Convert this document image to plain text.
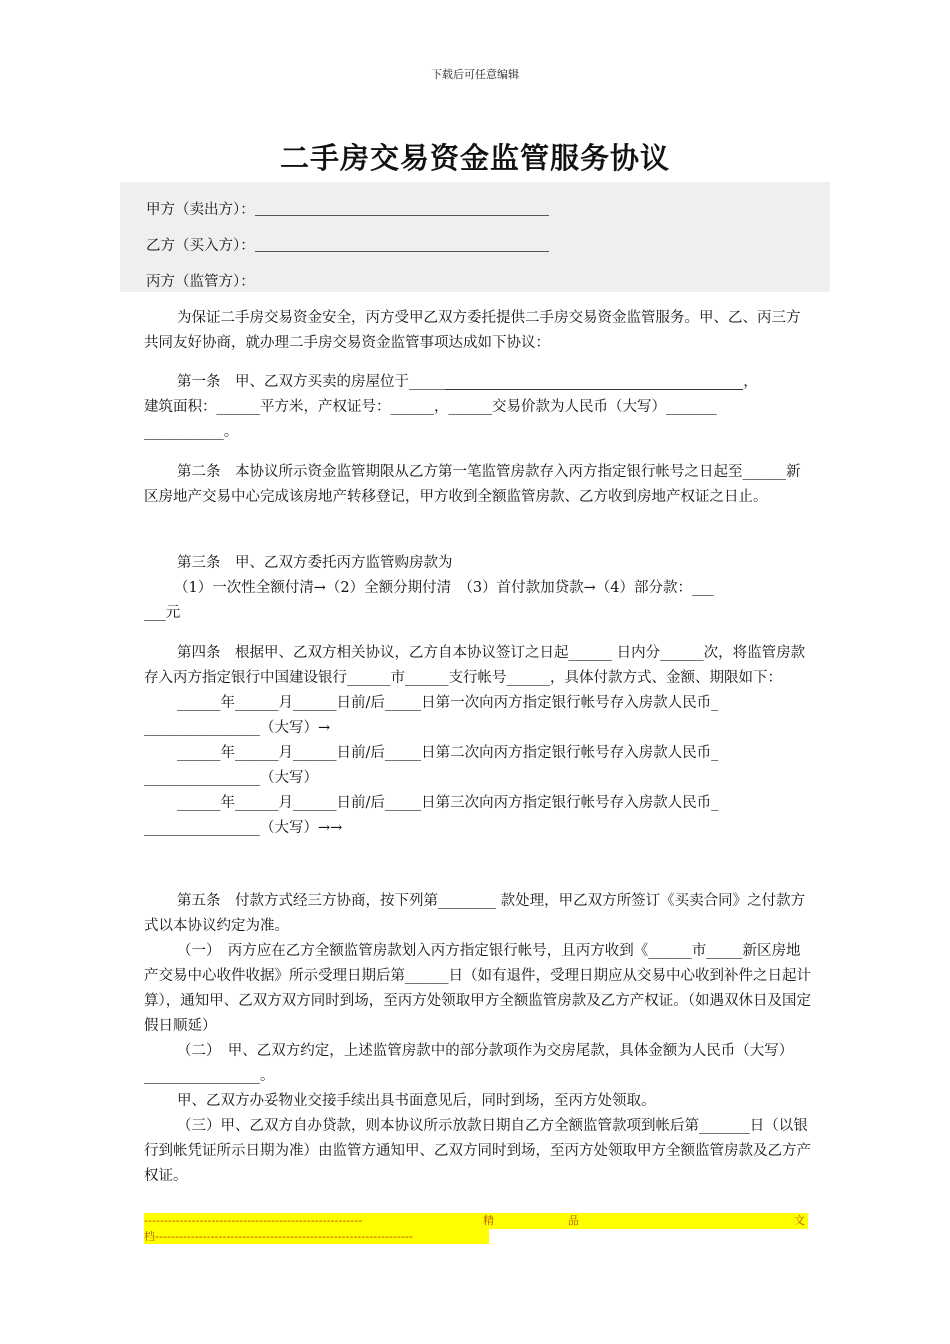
下载后可任意编辑
二手房交易资金监管服务协议
甲方（卖出方）：
乙方（买入方）：
丙方（监管方）：

为保证二手房交易资金安全，丙方受甲乙双方委托提供二手房交易资金监管服务。甲、乙、丙三方共同友好协商，就办理二手房交易资金监管事项达成如下协议：

第一条　甲、乙双方买卖的房屋位于_____	，

建筑面积：______平方米，产权证号：______，______交易价款为人民币（大写）_______

___________。

第二条　本协议所示资金监管期限从乙方第一笔监管房款存入丙方指定银行帐号之日起至______新区房地产交易中心完成该房地产转移登记，甲方收到全额监管房款、乙方收到房地产权证之日止。

第三条　甲、乙双方委托丙方监管购房款为

（1）一次性全额付清→（2）全额分期付清　（3）首付款加贷款→（4）部分款：___

___元

第四条　根据甲、乙双方相关协议，乙方自本协议签订之日起______ 日内分______次，将监管房款存入丙方指定银行中国建设银行______市______支行帐号______，具体付款方式、金额、期限如下：

______年______月______日前/后_____日第一次向丙方指定银行帐号存入房款人民币_

________________（大写）→

______年______月______日前/后_____日第二次向丙方指定银行帐号存入房款人民币_

________________（大写）

______年______月______日前/后_____日第三次向丙方指定银行帐号存入房款人民币_

________________（大写）→→

第五条　付款方式经三方协商，按下列第________ 款处理，甲乙双方所签订《买卖合同》之付款方式以本协议约定为准。

（一）　丙方应在乙方全额监管房款划入丙方指定银行帐号，且丙方收到《______市_____新区房地产交易中心收件收据》所示受理日期后第______日（如有退件，受理日期应从交易中心收到补件之日起计算），通知甲、乙双方双方同时到场，至丙方处领取甲方全额监管房款及乙方产权证。（如遇双休日及国定假日顺延）

（二）　甲、乙双方约定，上述监管房款中的部分款项作为交房尾款，具体金额为人民币（大写）________________。

甲、乙双方办妥物业交接手续出具书面意见后，同时到场，至丙方处领取。

（三）甲、乙双方自办贷款，则本协议所示放款日期自乙方全额监管款项到帐后第_______日（以银行到帐凭证所示日期为准）由监管方通知甲、乙双方同时到场，至丙方处领取甲方全额监管房款及乙方产权证。

-------------------------------------------------------	精	品	文
档-----------------------------------------------------------------
